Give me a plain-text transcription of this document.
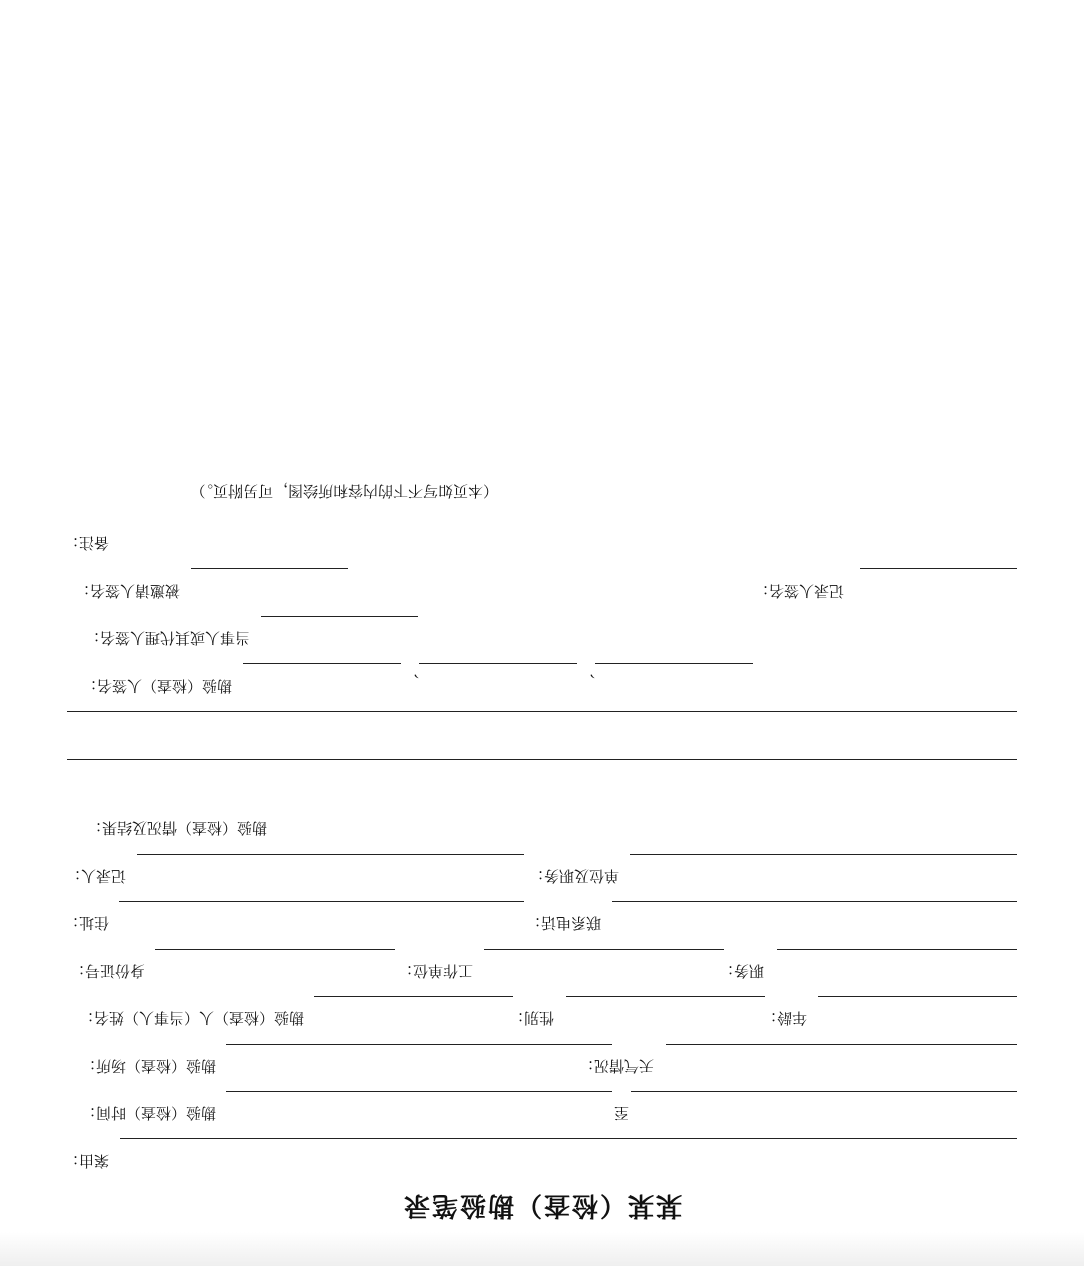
某某（检查）勘验笔录
案由：
勘验（检查）时间：	至
勘验（检查）场所：	天气情况：
勘验（检查）人（当事人）姓名：	性别：	年龄：
身份证号：	工作单位：	职务：
住址：	联系电话：
记录人：	单位及职务：
勘验（检查）情况及结果：
勘验（检查）人签名：	、	、
当事人或其代理人签名：
被邀请人签名：	记录人签名：
备注：
（本页如写不下的内容和所绘图，可另附页。）
